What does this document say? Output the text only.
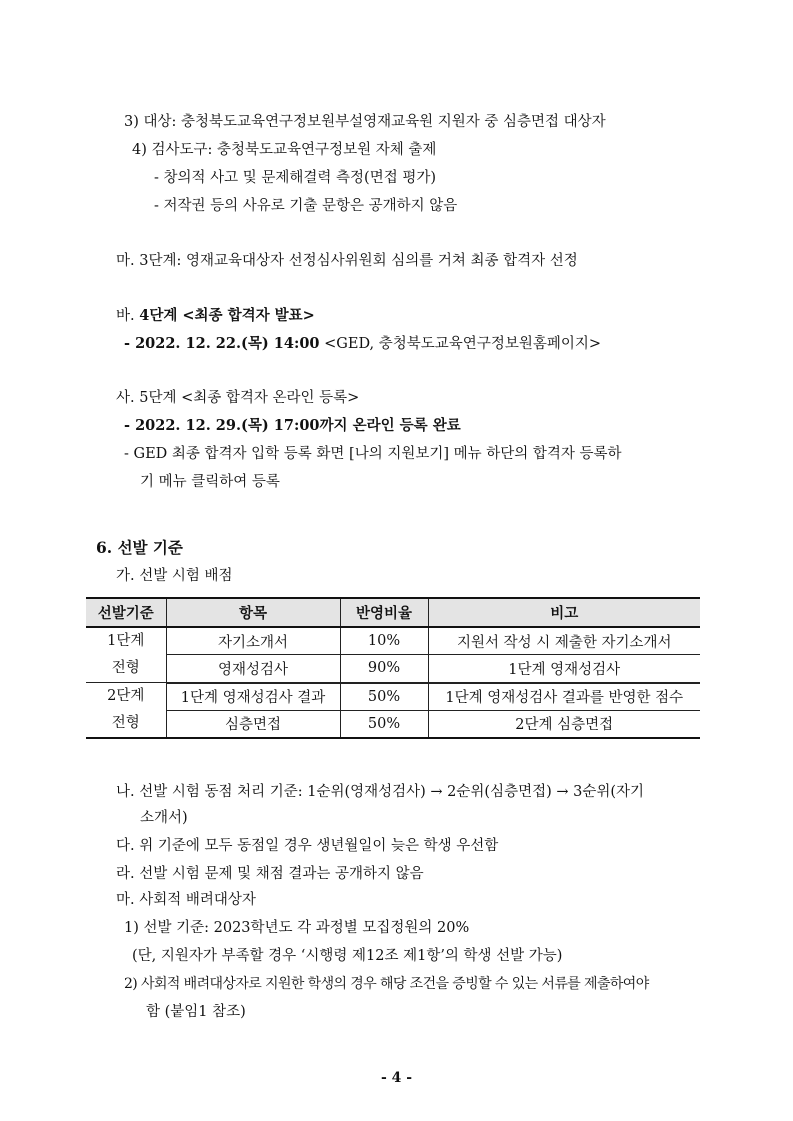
3) 대상: 충청북도교육연구정보원부설영재교육원 지원자 중 심층면접 대상자
4) 검사도구: 충청북도교육연구정보원 자체 출제
- 창의적 사고 및 문제해결력 측정(면접 평가)
- 저작권 등의 사유로 기출 문항은 공개하지 않음
마. 3단계: 영재교육대상자 선정심사위원회 심의를 거쳐 최종 합격자 선정
바. 4단계 <최종 합격자 발표>
- 2022. 12. 22.(목) 14:00 <GED, 충청북도교육연구정보원홈페이지>
사. 5단계 <최종 합격자 온라인 등록>
- 2022. 12. 29.(목) 17:00까지 온라인 등록 완료
- GED 최종 합격자 입학 등록 화면 [나의 지원보기] 메뉴 하단의 합격자 등록하
기 메뉴 클릭하여 등록
6. 선발 기준
가. 선발 시험 배점
선발기준	항목	반영비율	비고

1단계
전형	자기소개서	10%	지원서 작성 시 제출한 자기소개서
	영재성검사	90%	1단계 영재성검사

2단계
전형	1단계 영재성검사 결과	50%	1단계 영재성검사 결과를 반영한 점수
	심층면접	50%	2단계 심층면접
나. 선발 시험 동점 처리 기준: 1순위(영재성검사) → 2순위(심층면접) → 3순위(자기
소개서)
다. 위 기준에 모두 동점일 경우 생년월일이 늦은 학생 우선함
라. 선발 시험 문제 및 채점 결과는 공개하지 않음
마. 사회적 배려대상자
1) 선발 기준: 2023학년도 각 과정별 모집정원의 20%
(단, 지원자가 부족할 경우 ‘시행령 제12조 제1항’의 학생 선발 가능)
2) 사회적 배려대상자로 지원한 학생의 경우 해당 조건을 증빙할 수 있는 서류를 제출하여야
함 (붙임1 참조)
- 4 -
